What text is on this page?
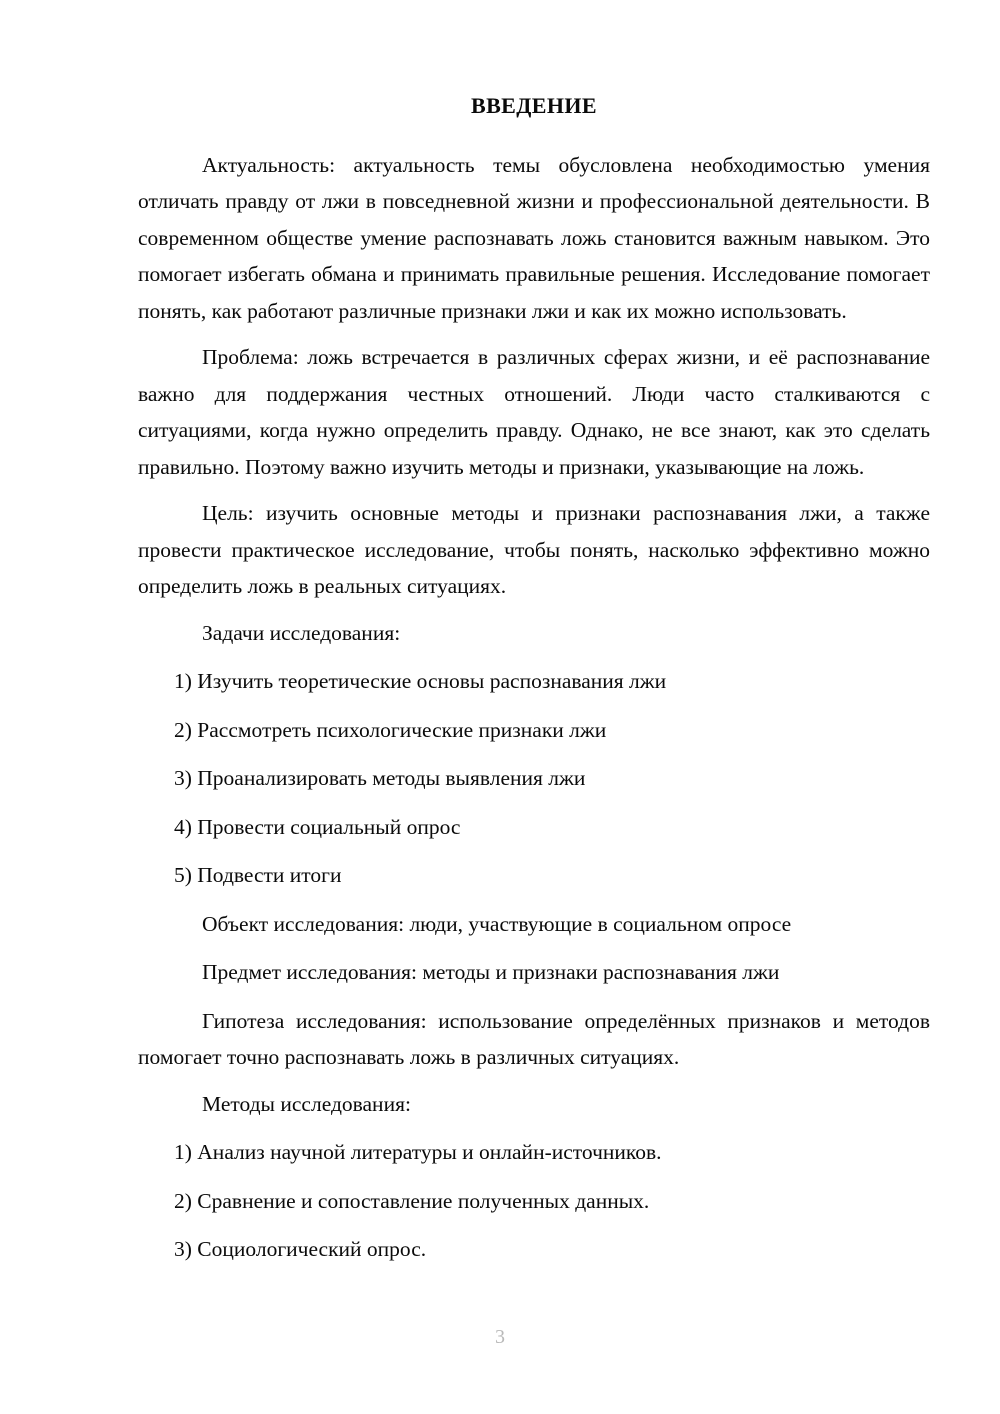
ВВЕДЕНИЕ

Актуальность: актуальность темы обусловлена необходимостью умения отличать правду от лжи в повседневной жизни и профессиональной деятельности. В современном обществе умение распознавать ложь становится важным навыком. Это помогает избегать обмана и принимать правильные решения. Исследование помогает понять, как работают различные признаки лжи и как их можно использовать.

Проблема: ложь встречается в различных сферах жизни, и её распознавание важно для поддержания честных отношений. Люди часто сталкиваются с ситуациями, когда нужно определить правду. Однако, не все знают, как это сделать правильно. Поэтому важно изучить методы и признаки, указывающие на ложь.

Цель: изучить основные методы и признаки распознавания лжи, а также провести практическое исследование, чтобы понять, насколько эффективно можно определить ложь в реальных ситуациях.

Задачи исследования:

1) Изучить теоретические основы распознавания лжи

2) Рассмотреть психологические признаки лжи

3) Проанализировать методы выявления лжи

4) Провести социальный опрос

5) Подвести итоги

Объект исследования: люди, участвующие в социальном опросе

Предмет исследования: методы и признаки распознавания лжи

Гипотеза исследования: использование определённых признаков и методов помогает точно распознавать ложь в различных ситуациях.

Методы исследования:

1) Анализ научной литературы и онлайн-источников.

2) Сравнение и сопоставление полученных данных.

3) Социологический опрос.

3
